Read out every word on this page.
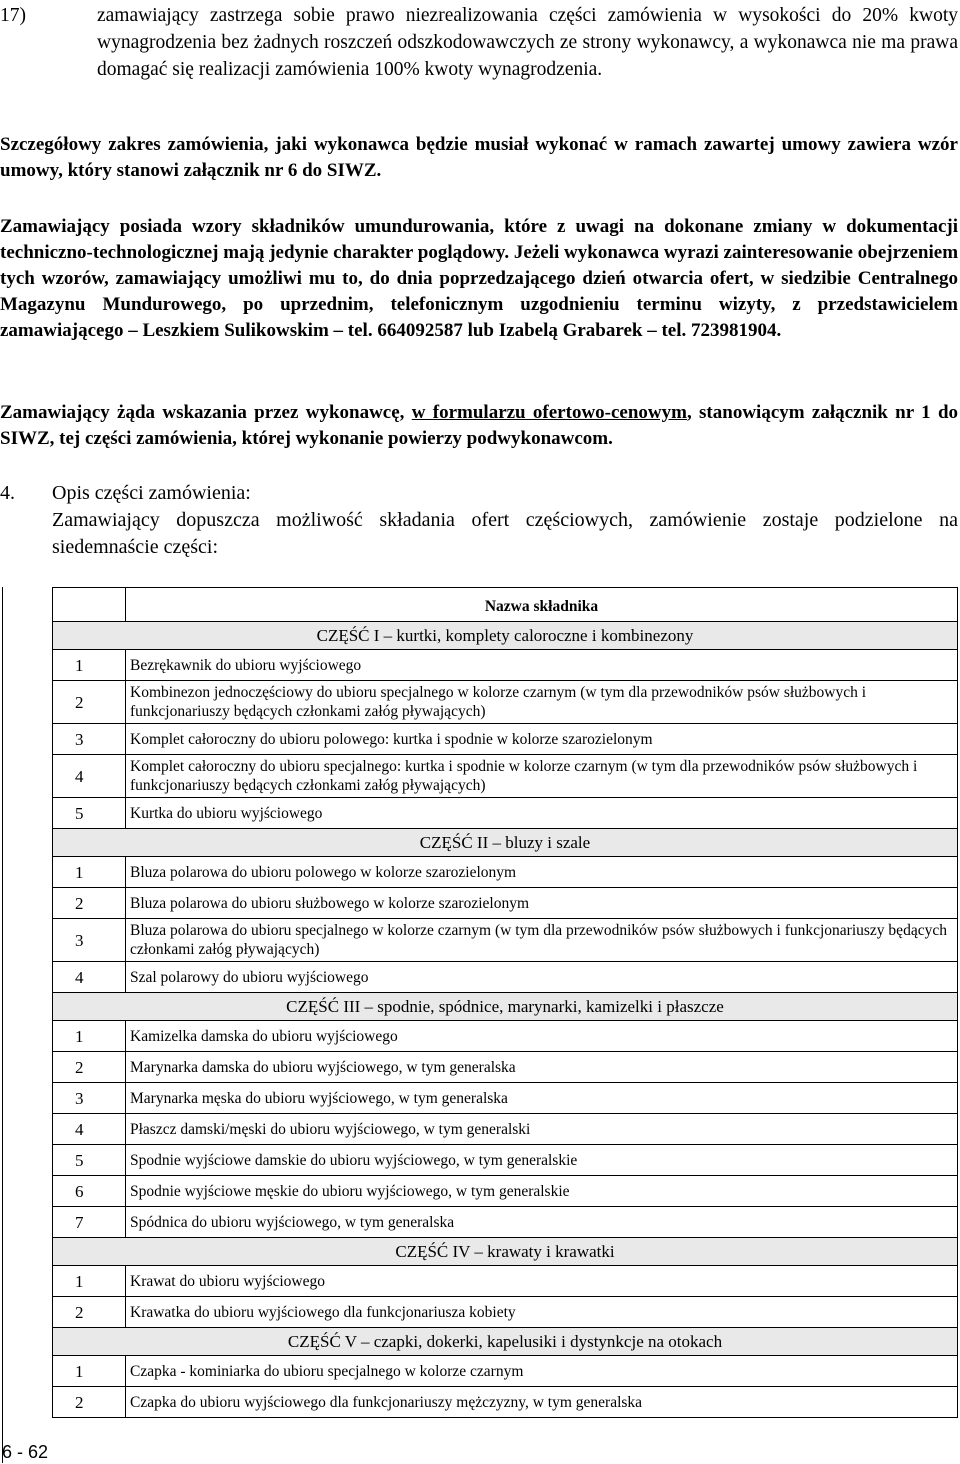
17)	zamawiający zastrzega sobie prawo niezrealizowania części zamówienia w wysokości do 20% kwoty wynagrodzenia bez żadnych roszczeń odszkodowawczych ze strony wykonawcy, a wykonawca nie ma prawa domagać się realizacji zamówienia 100% kwoty wynagrodzenia.
Szczegółowy zakres zamówienia, jaki wykonawca będzie musiał wykonać w ramach zawartej umowy zawiera wzór umowy, który stanowi załącznik nr 6 do SIWZ.
Zamawiający posiada wzory składników umundurowania, które z uwagi na dokonane zmiany w dokumentacji techniczno-technologicznej mają jedynie charakter poglądowy. Jeżeli wykonawca wyrazi zainteresowanie obejrzeniem tych wzorów, zamawiający umożliwi mu to, do dnia poprzedzającego dzień otwarcia ofert, w siedzibie Centralnego Magazynu Mundurowego, po uprzednim, telefonicznym uzgodnieniu terminu wizyty, z przedstawicielem zamawiającego – Leszkiem Sulikowskim – tel. 664092587 lub Izabelą Grabarek – tel. 723981904.
Zamawiający żąda wskazania przez wykonawcę, w formularzu ofertowo-cenowym, stanowiącym załącznik nr 1 do SIWZ, tej części zamówienia, której wykonanie powierzy podwykonawcom.
4. Opis części zamówienia:
Zamawiający dopuszcza możliwość składania ofert częściowych, zamówienie zostaje podzielone na siedemnaście części:
	Nazwa składnika
CZĘŚĆ I – kurtki, komplety caloroczne i kombinezony	
1	Bezrękawnik do ubioru wyjściowego
2	Kombinezon jednoczęściowy do ubioru specjalnego w kolorze czarnym (w tym dla przewodników psów służbowych i funkcjonariuszy będących członkami załóg pływających)
3	Komplet całoroczny do ubioru polowego: kurtka i spodnie w kolorze szarozielonym
4	Komplet całoroczny do ubioru specjalnego: kurtka i spodnie w kolorze czarnym (w tym dla przewodników psów służbowych i funkcjonariuszy będących członkami załóg pływających)
5	Kurtka do ubioru wyjściowego
CZĘŚĆ II – bluzy i szale	
1	Bluza polarowa do ubioru polowego w kolorze szarozielonym
2	Bluza polarowa do ubioru służbowego w kolorze szarozielonym
3	Bluza polarowa do ubioru specjalnego w kolorze czarnym (w tym dla przewodników psów służbowych i funkcjonariuszy będących członkami załóg pływających)
4	Szal polarowy do ubioru wyjściowego
CZĘŚĆ III – spodnie, spódnice, marynarki, kamizelki i płaszcze	
1	Kamizelka damska do ubioru wyjściowego
2	Marynarka damska do ubioru wyjściowego, w tym generalska
3	Marynarka męska do ubioru wyjściowego, w tym generalska
4	Płaszcz damski/męski do ubioru wyjściowego, w tym generalski
5	Spodnie wyjściowe damskie do ubioru wyjściowego, w tym generalskie
6	Spodnie wyjściowe męskie do ubioru wyjściowego, w tym generalskie
7	Spódnica do ubioru wyjściowego, w tym generalska
CZĘŚĆ IV – krawaty i krawatki	
1	Krawat do ubioru wyjściowego
2	Krawatka do ubioru wyjściowego dla funkcjonariusza kobiety
CZĘŚĆ V – czapki, dokerki, kapelusiki i dystynkcje na otokach	
1	Czapka - kominiarka do ubioru specjalnego w kolorze czarnym
2	Czapka do ubioru wyjściowego dla funkcjonariuszy mężczyzny, w tym generalska
6 - 62
